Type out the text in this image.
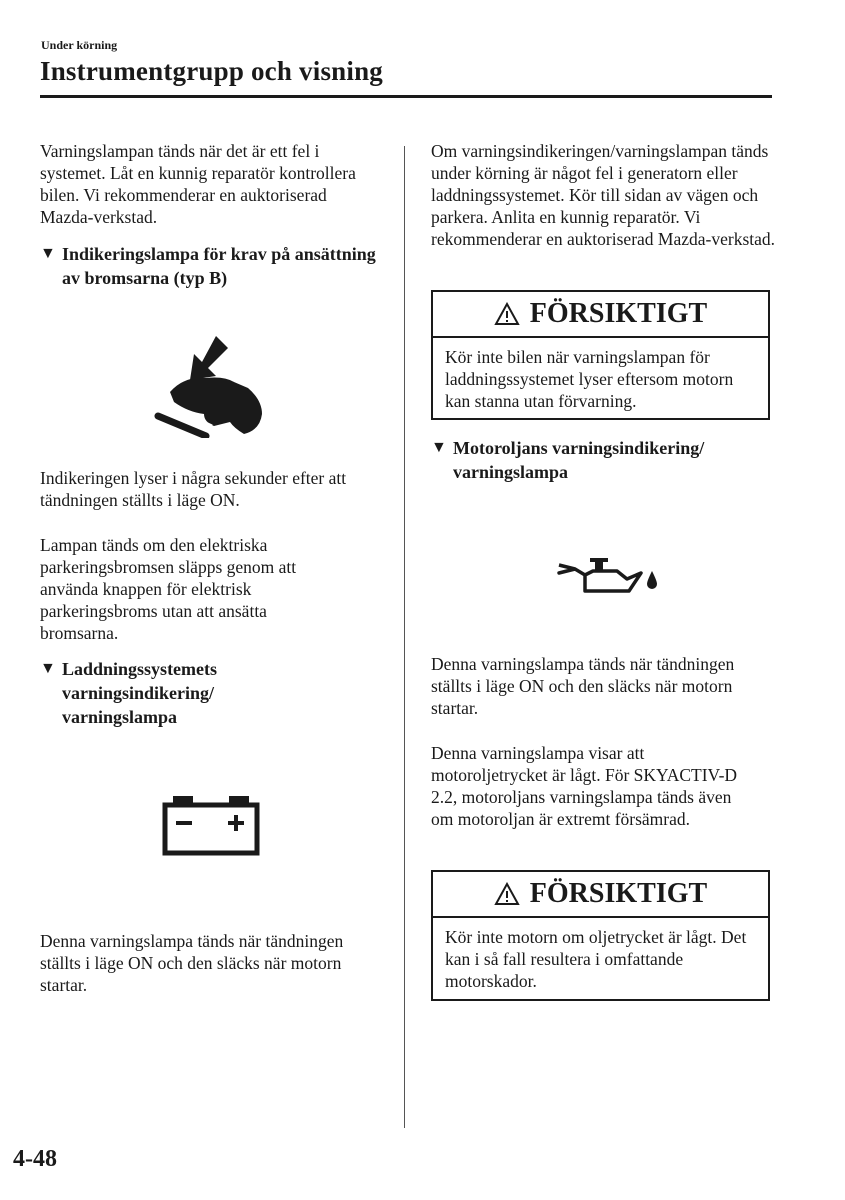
Under körning
Instrumentgrupp och visning

Varningslampan tänds när det är ett fel i systemet. Låt en kunnig reparatör kontrollera bilen. Vi rekommenderar en auktoriserad Mazda-verkstad.

▼ Indikeringslampa för krav på ansättning av bromsarna (typ B)

Indikeringen lyser i några sekunder efter att tändningen ställts i läge ON.

Lampan tänds om den elektriska parkeringsbromsen släpps genom att använda knappen för elektrisk parkeringsbroms utan att ansätta bromsarna.

▼ Laddningssystemets varningsindikering/ varningslampa

Denna varningslampa tänds när tändningen ställts i läge ON och den släcks när motorn startar.

Om varningsindikeringen/varningslampan tänds under körning är något fel i generatorn eller laddningssystemet. Kör till sidan av vägen och parkera. Anlita en kunnig reparatör. Vi rekommenderar en auktoriserad Mazda-verkstad.

FÖRSIKTIGT
Kör inte bilen när varningslampan för laddningssystemet lyser eftersom motorn kan stanna utan förvarning.
▼ Motoroljans varningsindikering/ varningslampa

Denna varningslampa tänds när tändningen ställts i läge ON och den släcks när motorn startar.

Denna varningslampa visar att motoroljetrycket är lågt. För SKYACTIV-D 2.2, motoroljans varningslampa tänds även om motoroljan är extremt försämrad.

FÖRSIKTIGT
Kör inte motorn om oljetrycket är lågt. Det kan i så fall resultera i omfattande motorskador.
4-48
